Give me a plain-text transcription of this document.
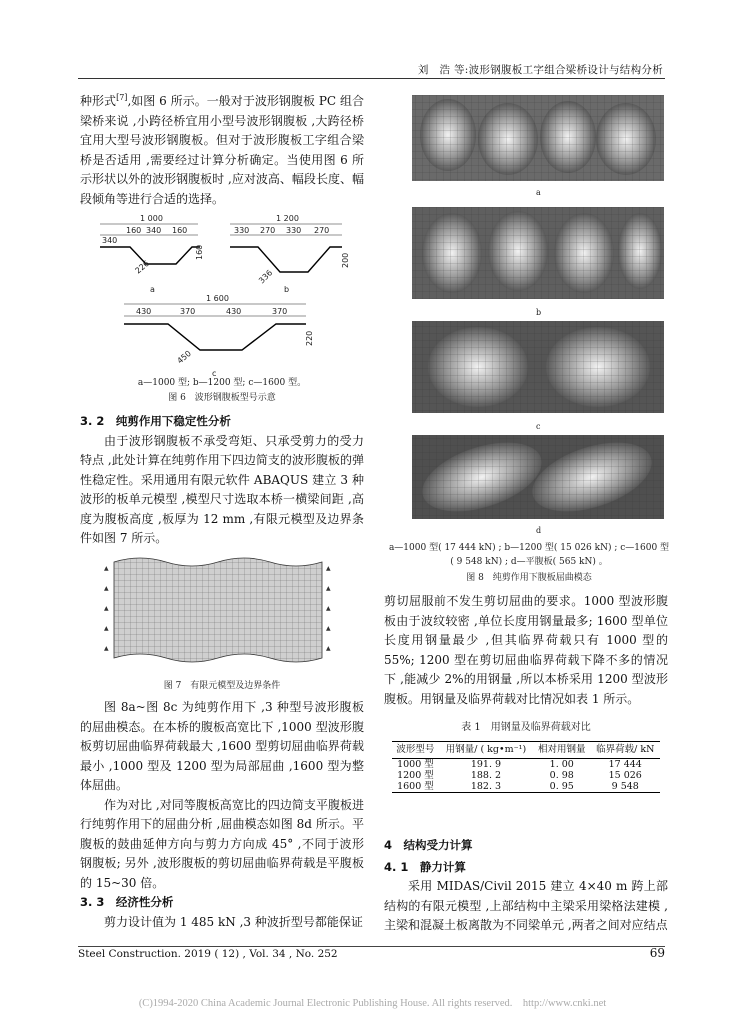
刘　浩 等:波形钢腹板工字组合梁桥设计与结构分析

种形式[7],如图 6 所示。一般对于波形钢腹板 PC 组合梁桥来说 ,小跨径桥宜用小型号波形钢腹板 ,大跨径桥宜用大型号波形钢腹板。但对于波形腹板工字组合梁桥是否适用 ,需要经过计算分析确定。当使用图 6 所示形状以外的波形钢腹板时 ,应对波高、幅段长度、幅段倾角等进行合适的选择。

1 000
340
160 340 160
226
160
a
1 200
330 270 330 270
336
200
b
1 600
430	370	430	370
450
220
c
a—1000 型; b—1200 型; c—1600 型。
图 6　波形钢腹板型号示意
3. 2　纯剪作用下稳定性分析

由于波形钢腹板不承受弯矩、只承受剪力的受力特点 ,此处计算在纯剪作用下四边简支的波形腹板的弹性稳定性。采用通用有限元软件 ABAQUS 建立 3 种波形的板单元模型 ,模型尺寸选取本桥一横梁间距 ,高度为腹板高度 ,板厚为 12 mm ,有限元模型及边界条件如图 7 所示。

▲
▲
▲
▲
▲
▲
▲
▲
▲
▲
图 7　有限元模型及边界条件

图 8a~图 8c 为纯剪作用下 ,3 种型号波形腹板的屈曲模态。在本桥的腹板高宽比下 ,1000 型波形腹板剪切屈曲临界荷载最大 ,1600 型剪切屈曲临界荷载最小 ,1000 型及 1200 型为局部屈曲 ,1600 型为整体屈曲。

作为对比 ,对同等腹板高宽比的四边简支平腹板进行纯剪作用下的屈曲分析 ,屈曲模态如图 8d 所示。平腹板的鼓曲延伸方向与剪力方向成 45° ,不同于波形钢腹板; 另外 ,波形腹板的剪切屈曲临界荷载是平腹板的 15~30 倍。

3. 3　经济性分析

剪力设计值为 1 485 kN ,3 种波折型号都能保证

a
b
c
d
a—1000 型( 17 444 kN) ; b—1200 型( 15 026 kN) ; c—1600 型
( 9 548 kN) ; d—平腹板( 565 kN) 。
图 8　纯剪作用下腹板屈曲模态

剪切屈服前不发生剪切屈曲的要求。1000 型波形腹板由于波纹较密 ,单位长度用钢量最多; 1600 型单位长度用钢量最少 ,但其临界荷载只有 1000 型的 55%; 1200 型在剪切屈曲临界荷载下降不多的情况下 ,能减少 2%的用钢量 ,所以本桥采用 1200 型波形腹板。用钢量及临界荷载对比情况如表 1 所示。

表 1　用钢量及临界荷载对比
波形型号	用钢量/ ( kg•m⁻¹)	相对用钢量	临界荷载/ kN
1000 型	191. 9	1. 00	17 444
1200 型	188. 2	0. 98	15 026
1600 型	182. 3	0. 95	9 548
4　结构受力计算
4. 1　静力计算

采用 MIDAS/Civil 2015 建立 4×40 m 跨上部结构的有限元模型 ,上部结构中主梁采用梁格法建模 ,主梁和混凝土板离散为不同梁单元 ,两者之间对应结点

Steel Construction. 2019 ( 12) , Vol. 34 , No. 252	69
(C)1994-2020 China Academic Journal Electronic Publishing House. All rights reserved.　http://www.cnki.net
